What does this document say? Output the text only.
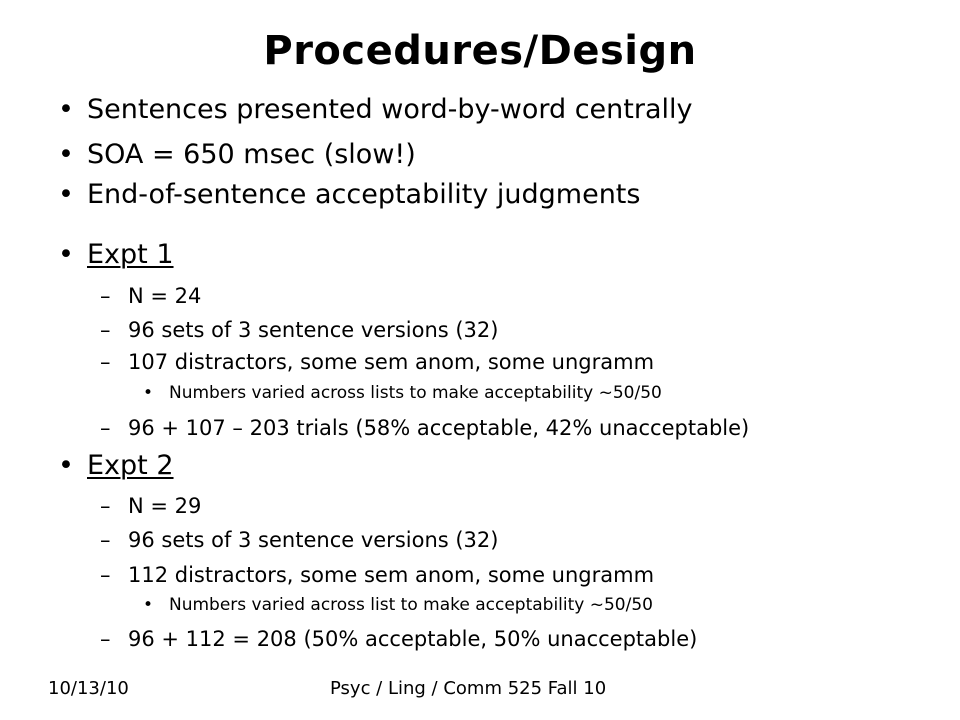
Procedures/Design
• Sentences presented word-by-word centrally
• SOA = 650 msec (slow!)
• End-of-sentence acceptability judgments
• Expt 1
– N = 24
– 96 sets of 3 sentence versions (32)
– 107 distractors, some sem anom, some ungramm
• Numbers varied across lists to make acceptability ~50/50
– 96 + 107 – 203 trials (58% acceptable, 42% unacceptable)
• Expt 2
– N = 29
– 96 sets of 3 sentence versions (32)
– 112 distractors, some sem anom, some ungramm
• Numbers varied across list to make acceptability ~50/50
– 96 + 112 = 208 (50% acceptable, 50% unacceptable)
10/13/10	Psyc / Ling / Comm 525 Fall 10
